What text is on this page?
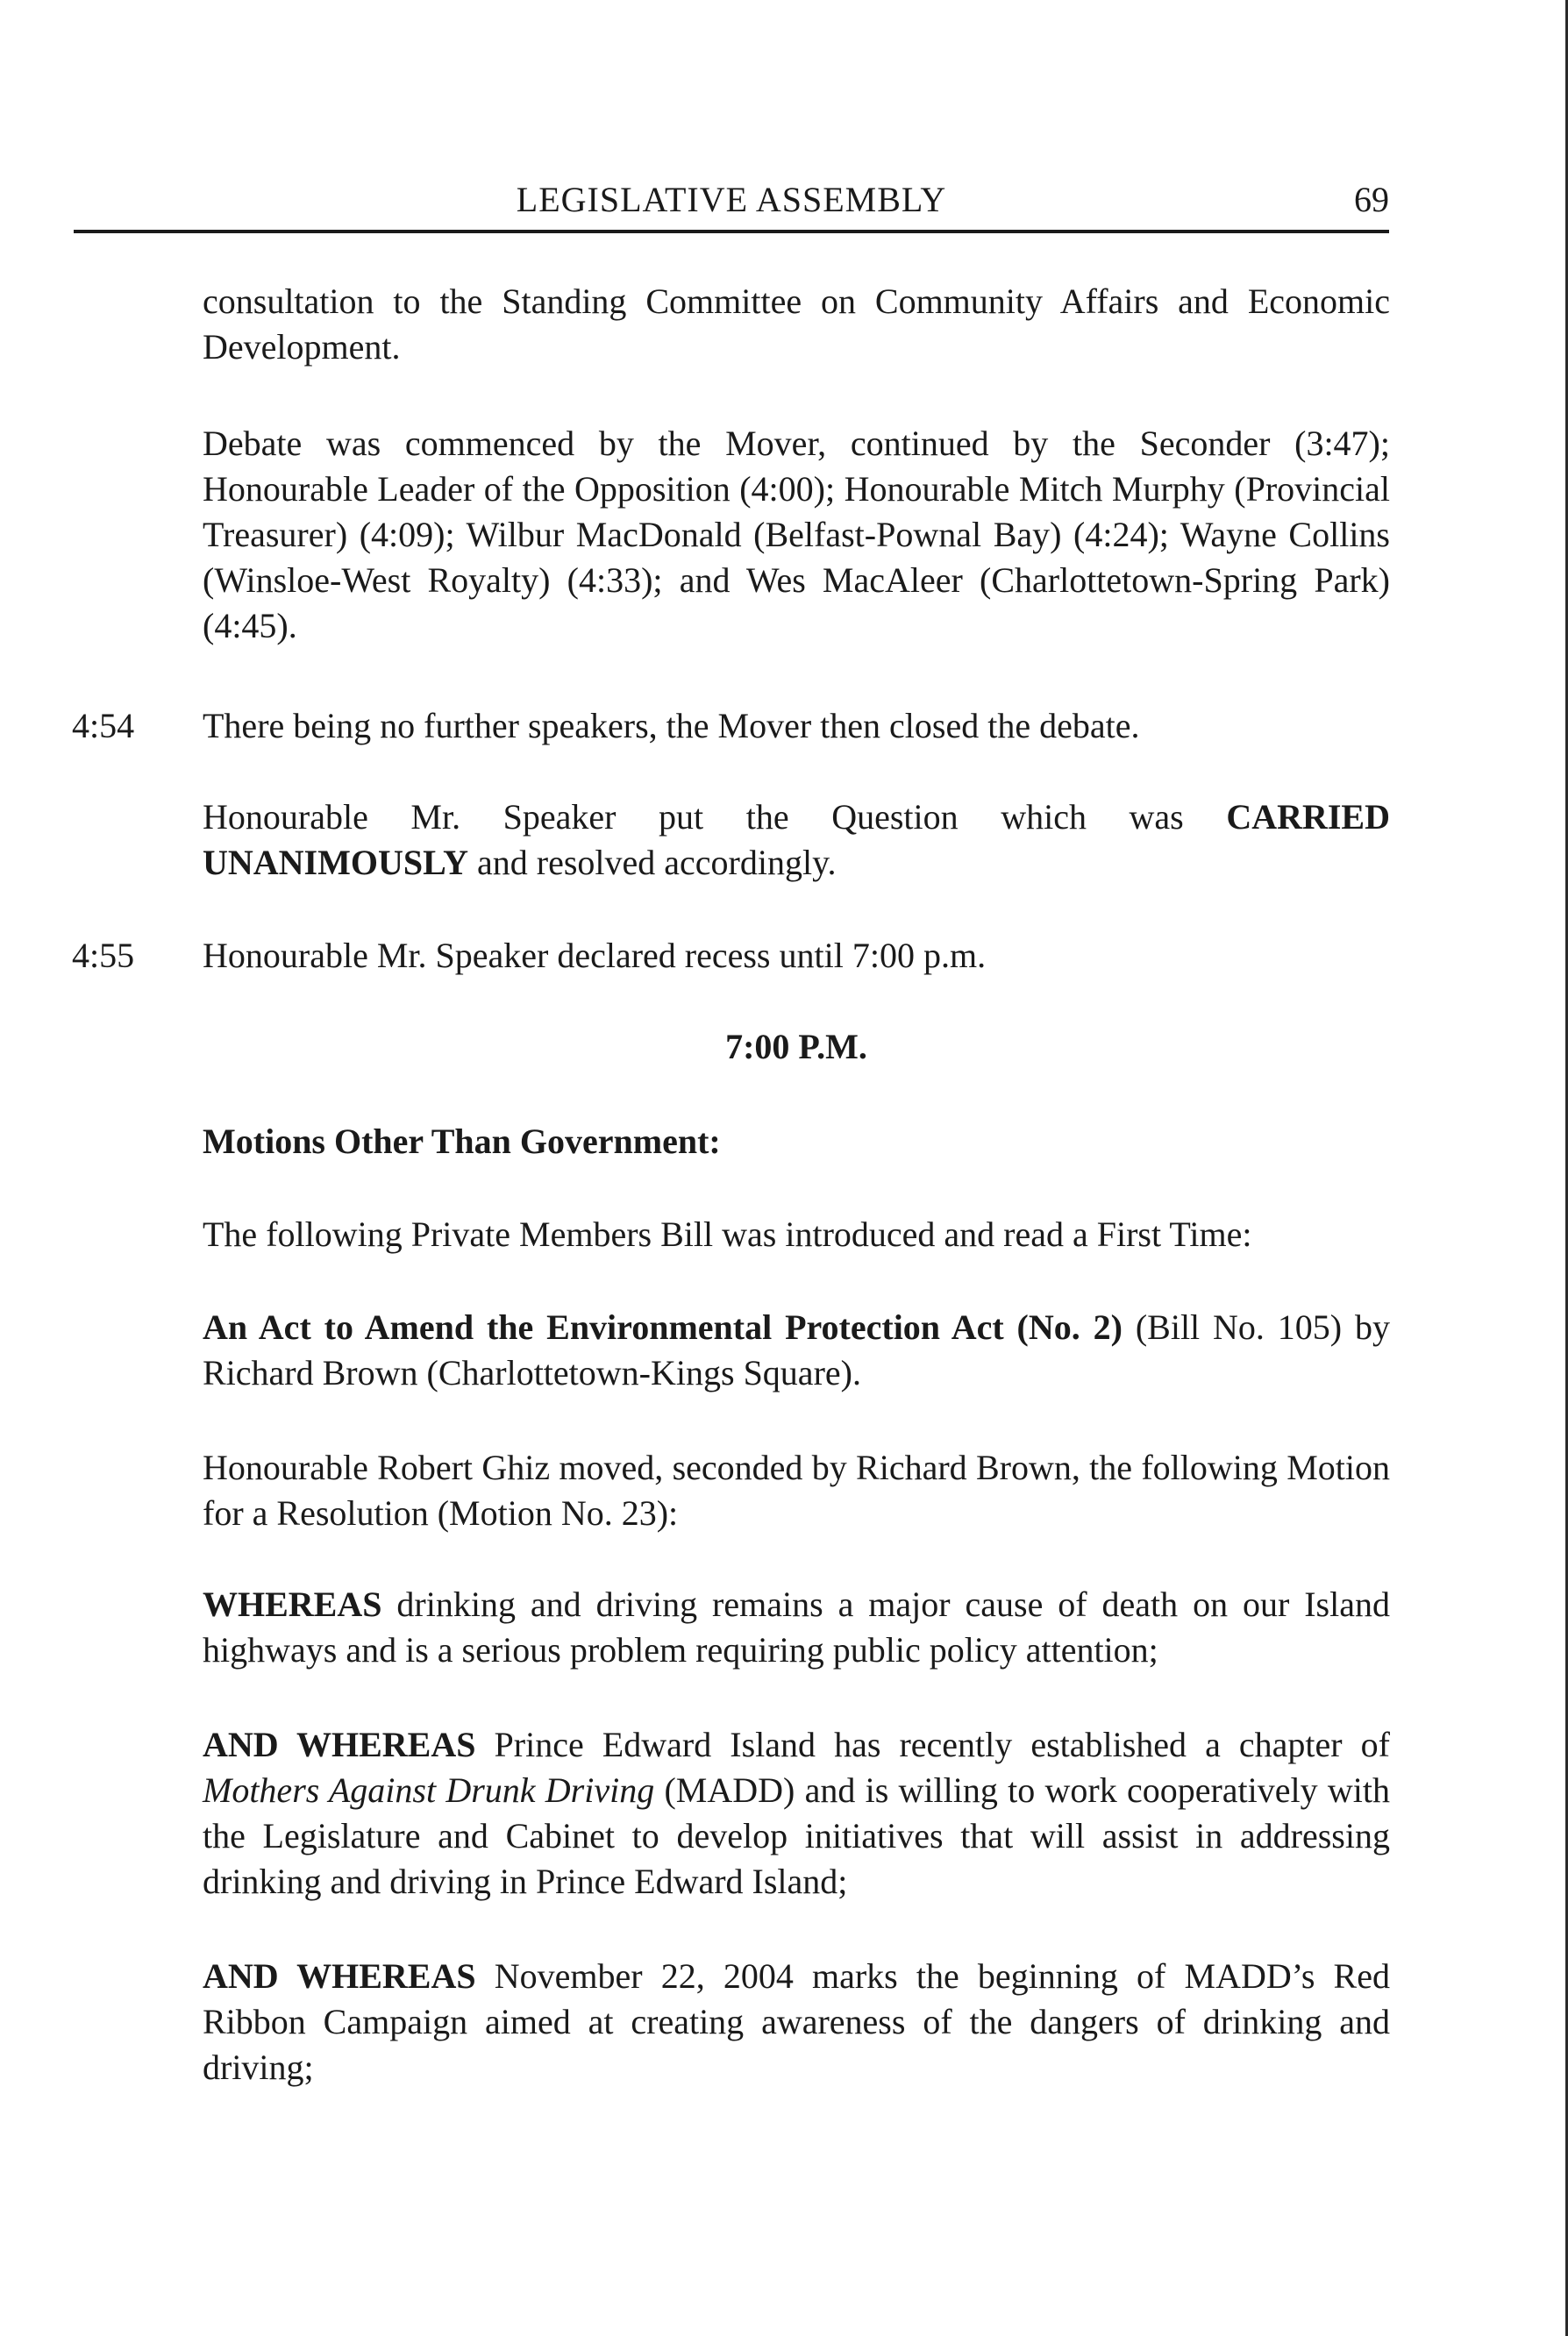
LEGISLATIVE ASSEMBLY	69
consultation to the Standing Committee on Community Affairs and Economic Development.
Debate was commenced by the Mover, continued by the Seconder (3:47); Honourable Leader of the Opposition (4:00); Honourable Mitch Murphy (Provincial Treasurer) (4:09); Wilbur MacDonald (Belfast-Pownal Bay) (4:24); Wayne Collins (Winsloe-West Royalty) (4:33); and Wes MacAleer (Charlottetown-Spring Park) (4:45).
4:54 There being no further speakers, the Mover then closed the debate.
Honourable Mr. Speaker put the Question which was CARRIED UNANIMOUSLY and resolved accordingly.
4:55 Honourable Mr. Speaker declared recess until 7:00 p.m.
7:00 P.M.
Motions Other Than Government:
The following Private Members Bill was introduced and read a First Time:
An Act to Amend the Environmental Protection Act (No. 2) (Bill No. 105) by Richard Brown (Charlottetown-Kings Square).
Honourable Robert Ghiz moved, seconded by Richard Brown, the following Motion for a Resolution (Motion No. 23):
WHEREAS drinking and driving remains a major cause of death on our Island highways and is a serious problem requiring public policy attention;
AND WHEREAS Prince Edward Island has recently established a chapter of Mothers Against Drunk Driving (MADD) and is willing to work cooperatively with the Legislature and Cabinet to develop initiatives that will assist in addressing drinking and driving in Prince Edward Island;
AND WHEREAS November 22, 2004 marks the beginning of MADD’s Red Ribbon Campaign aimed at creating awareness of the dangers of drinking and driving;
